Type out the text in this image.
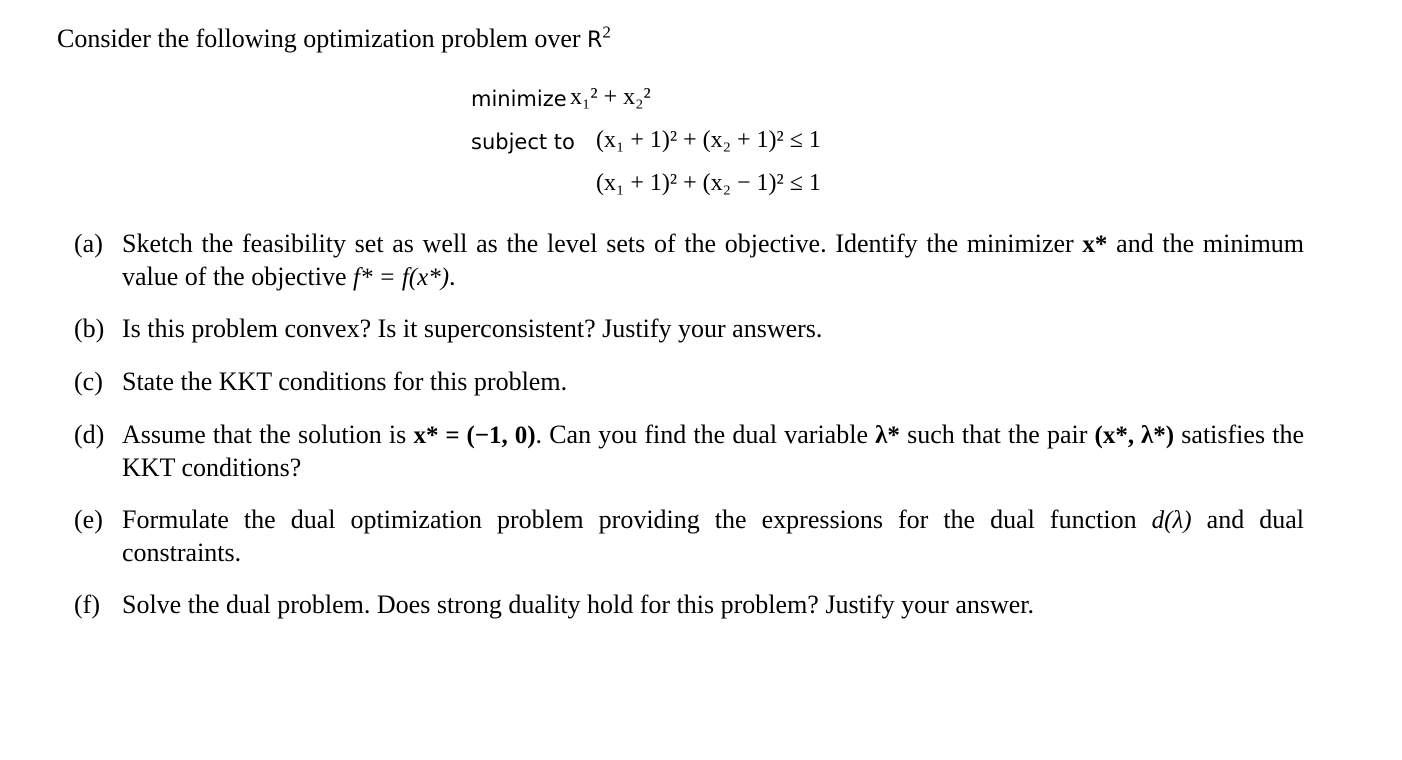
Consider the following optimization problem over $R^2$
minimize x₁² + x₂²
subject to (x₁ + 1)² + (x₂ + 1)² ≤ 1
(x₁ + 1)² + (x₂ − 1)² ≤ 1
(a) Sketch the feasibility set as well as the level sets of the objective. Identify the minimizer x* and the minimum value of the objective f* = f(x*).
(b) Is this problem convex? Is it superconsistent? Justify your answers.
(c) State the KKT conditions for this problem.
(d) Assume that the solution is x* = (−1, 0). Can you find the dual variable λ* such that the pair (x*, λ*) satisfies the KKT conditions?
(e) Formulate the dual optimization problem providing the expressions for the dual function d(λ) and dual constraints.
(f) Solve the dual problem. Does strong duality hold for this problem? Justify your answer.
